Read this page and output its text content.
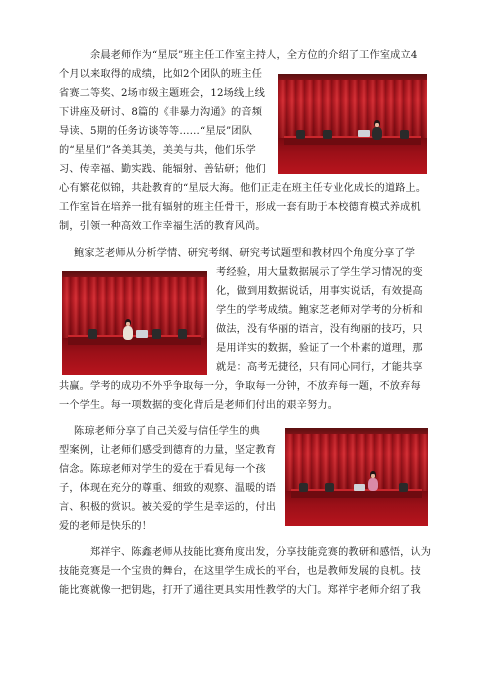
余晨老师作为“星辰”班主任工作室主持人，全方位的介绍了工作室成立4
个月以来取得的成绩，比如2个团队的班主任
省赛二等奖、2场市级主题班会，12场线上线
下讲座及研讨、8篇的《非暴力沟通》的音频
导读、5期的任务访谈等等……“星辰”团队
的“星星们”各美其美，美美与共，他们乐学
习、传幸福、勤实践、能辐射、善钻研；他们
心有繁花似锦，共赴教育的“星辰大海。他们正走在班主任专业化成长的道路上。
工作室旨在培养一批有辐射的班主任骨干，形成一套有助于本校德育模式养成机
制，引领一种高效工作幸福生活的教育风尚。
鲍家芝老师从分析学情、研究考纲、研究考试题型和教材四个角度分享了学
考经验，用大量数据展示了学生学习情况的变
化，做到用数据说话，用事实说话，有效提高
学生的学考成绩。鲍家芝老师对学考的分析和
做法，没有华丽的语言，没有绚丽的技巧，只
是用详实的数据，验证了一个朴素的道理，那
就是：高考无捷径，只有同心同行，才能共享
共赢。学考的成功不外乎争取每一分，争取每一分钟，不放弃每一题，不放弃每
一个学生。每一项数据的变化背后是老师们付出的艰辛努力。
陈琼老师分享了自己关爱与信任学生的典
型案例，让老师们感受到德育的力量，坚定教育
信念。陈琼老师对学生的爱在于看见每一个孩
子，体现在充分的尊重、细致的观察、温暖的语
言、积极的赏识。被关爱的学生是幸运的，付出
爱的老师是快乐的！
郑祥宇、陈鑫老师从技能比赛角度出发，分享技能竞赛的教研和感悟，认为
技能竞赛是一个宝贵的舞台，在这里学生成长的平台，也是教师发展的良机。技
能比赛就像一把钥匙，打开了通往更具实用性教学的大门。郑祥宇老师介绍了我
